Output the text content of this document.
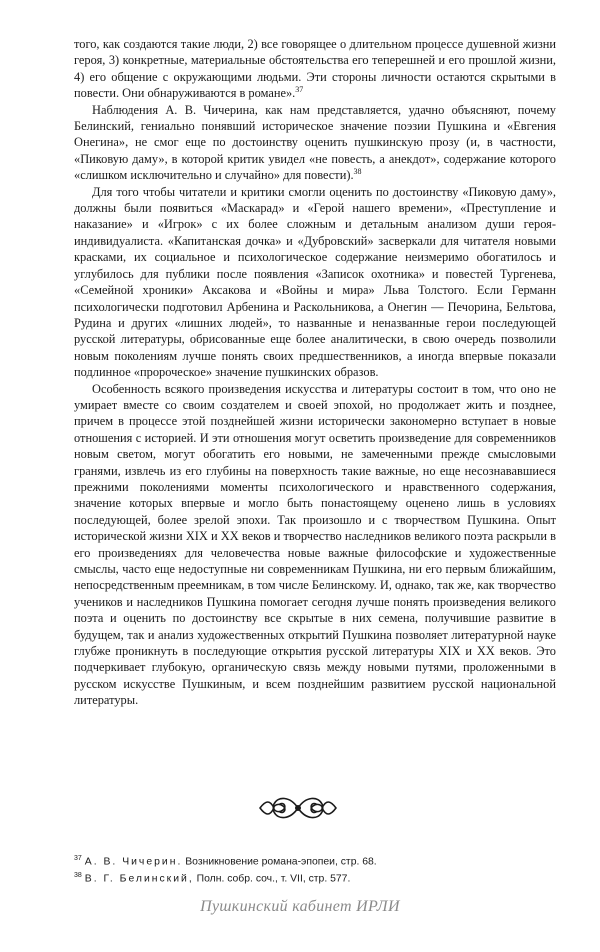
того, как создаются такие люди, 2) все говорящее о длительном процессе душевной жизни героя, 3) конкретные, материальные обстоятельства его теперешней и его прошлой жизни, 4) его общение с окружающими людьми. Эти стороны личности остаются скрытыми в повести. Они обнаруживаются в романе».$^{37}$

Наблюдения А. В. Чичерина, как нам представляется, удачно объясняют, почему Белинский, гениально понявший историческое значение поэзии Пушкина и «Евгения Онегина», не смог еще по достоинству оценить пушкинскую прозу (и, в частности, «Пиковую даму», в которой критик увидел «не повесть, а анекдот», содержание которого «слишком исключительно и случайно» для повести).$^{38}$

Для того чтобы читатели и критики смогли оценить по достоинству «Пиковую даму», должны были появиться «Маскарад» и «Герой нашего времени», «Преступление и наказание» и «Игрок» с их более сложным и детальным анализом души героя-индивидуалиста. «Капитанская дочка» и «Дубровский» засверкали для читателя новыми красками, их социальное и психологическое содержание неизмеримо обогатилось и углубилось для публики после появления «Записок охотника» и повестей Тургенева, «Семейной хроники» Аксакова и «Войны и мира» Льва Толстого. Если Германн психологически подготовил Арбенина и Раскольникова, а Онегин — Печорина, Бельтова, Рудина и других «лишних людей», то названные и неназванные герои последующей русской литературы, обрисованные еще более аналитически, в свою очередь позволили новым поколениям лучше понять своих предшественников, а иногда впервые показали подлинное «пророческое» значение пушкинских образов.

Особенность всякого произведения искусства и литературы состоит в том, что оно не умирает вместе со своим создателем и своей эпохой, но продолжает жить и позднее, причем в процессе этой позднейшей жизни исторически закономерно вступает в новые отношения с историей. И эти отношения могут осветить произведение для современников новым светом, могут обогатить его новыми, не замеченными прежде смысловыми гранями, извлечь из его глубины на поверхность такие важные, но еще несознававшиеся прежними поколениями моменты психологического и нравственного содержания, значение которых впервые и могло быть понастоящему оценено лишь в условиях последующей, более зрелой эпохи. Так произошло и с творчеством Пушкина. Опыт исторической жизни XIX и XX веков и творчество наследников великого поэта раскрыли в его произведениях для человечества новые важные философские и художественные смыслы, часто еще недоступные ни современникам Пушкина, ни его первым ближайшим, непосредственным преемникам, в том числе Белинскому. И, однако, так же, как творчество учеников и наследников Пушкина помогает сегодня лучше понять произведения великого поэта и оценить по достоинству все скрытые в них семена, получившие развитие в будущем, так и анализ художественных открытий Пушкина позволяет литературной науке глубже проникнуть в последующие открытия русской литературы XIX и XX веков. Это подчеркивает глубокую, органическую связь между новыми путями, проложенными в русском искусстве Пушкиным, и всем позднейшим развитием русской национальной литературы.

$^{37}$ А. В. Чичерин. Возникновение романа-эпопеи, стр. 68.
$^{38}$ В. Г. Белинский, Полн. собр. соч., т. VII, стр. 577.
Пушкинский кабинет ИРЛИ
